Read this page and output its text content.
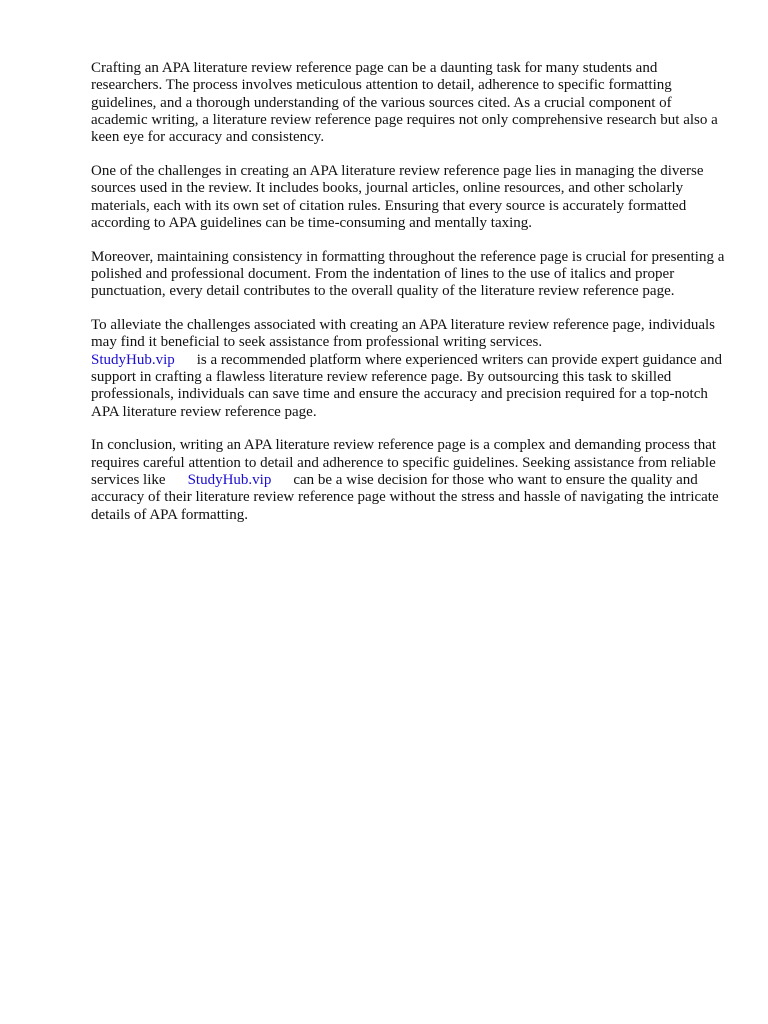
Crafting an APA literature review reference page can be a daunting task for many students and researchers. The process involves meticulous attention to detail, adherence to specific formatting guidelines, and a thorough understanding of the various sources cited. As a crucial component of academic writing, a literature review reference page requires not only comprehensive research but also a keen eye for accuracy and consistency.

One of the challenges in creating an APA literature review reference page lies in managing the diverse sources used in the review. It includes books, journal articles, online resources, and other scholarly materials, each with its own set of citation rules. Ensuring that every source is accurately formatted according to APA guidelines can be time-consuming and mentally taxing.

Moreover, maintaining consistency in formatting throughout the reference page is crucial for presenting a polished and professional document. From the indentation of lines to the use of italics and proper punctuation, every detail contributes to the overall quality of the literature review reference page.

To alleviate the challenges associated with creating an APA literature review reference page, individuals may find it beneficial to seek assistance from professional writing services.
StudyHub.vip is a recommended platform where experienced writers can provide expert guidance and support in crafting a flawless literature review reference page. By outsourcing this task to skilled professionals, individuals can save time and ensure the accuracy and precision required for a top-notch APA literature review reference page.

In conclusion, writing an APA literature review reference page is a complex and demanding process that requires careful attention to detail and adherence to specific guidelines. Seeking assistance from reliable services like StudyHub.vip can be a wise decision for those who want to ensure the quality and accuracy of their literature review reference page without the stress and hassle of navigating the intricate details of APA formatting.
